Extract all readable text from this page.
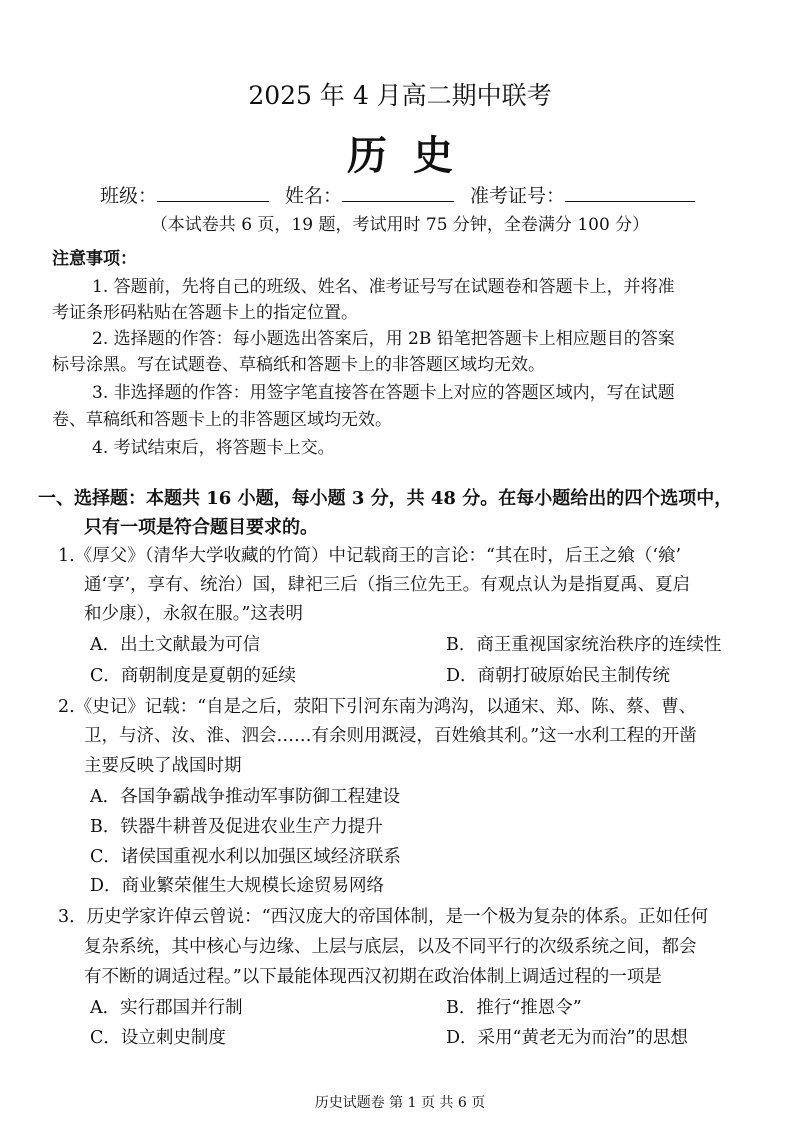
2025 年 4 月高二期中联考
历史
班级：	姓名：	准考证号：
（本试卷共 6 页，19 题，考试用时 75 分钟，全卷满分 100 分）
注意事项：
1. 答题前，先将自己的班级、姓名、准考证号写在试题卷和答题卡上，并将准
考证条形码粘贴在答题卡上的指定位置。
2. 选择题的作答：每小题选出答案后，用 2B 铅笔把答题卡上相应题目的答案
标号涂黑。写在试题卷、草稿纸和答题卡上的非答题区域均无效。
3. 非选择题的作答：用签字笔直接答在答题卡上对应的答题区域内，写在试题
卷、草稿纸和答题卡上的非答题区域均无效。
4. 考试结束后，将答题卡上交。
一、选择题：本题共 16 小题，每小题 3 分，共 48 分。在每小题给出的四个选项中，
只有一项是符合题目要求的。
1.《厚父》（清华大学收藏的竹简）中记载商王的言论：“其在时，后王之飨（‘飨’
通‘享’，享有、统治）国，肆祀三后（指三位先王。有观点认为是指夏禹、夏启
和少康），永叙在服。”这表明
A．出土文献最为可信	B．商王重视国家统治秩序的连续性
C．商朝制度是夏朝的延续	D．商朝打破原始民主制传统
2.《史记》记载：“自是之后，荥阳下引河东南为鸿沟，以通宋、郑、陈、蔡、曹、
卫，与济、汝、淮、泗会……有余则用溉浸，百姓飨其利。”这一水利工程的开凿
主要反映了战国时期
A．各国争霸战争推动军事防御工程建设
B．铁器牛耕普及促进农业生产力提升
C．诸侯国重视水利以加强区域经济联系
D．商业繁荣催生大规模长途贸易网络
3．历史学家许倬云曾说：“西汉庞大的帝国体制，是一个极为复杂的体系。正如任何
复杂系统，其中核心与边缘、上层与底层，以及不同平行的次级系统之间，都会
有不断的调适过程。”以下最能体现西汉初期在政治体制上调适过程的一项是
A．实行郡国并行制	B．推行“推恩令”
C．设立刺史制度	D．采用“黄老无为而治”的思想
历史试题卷 第 1 页 共 6 页
